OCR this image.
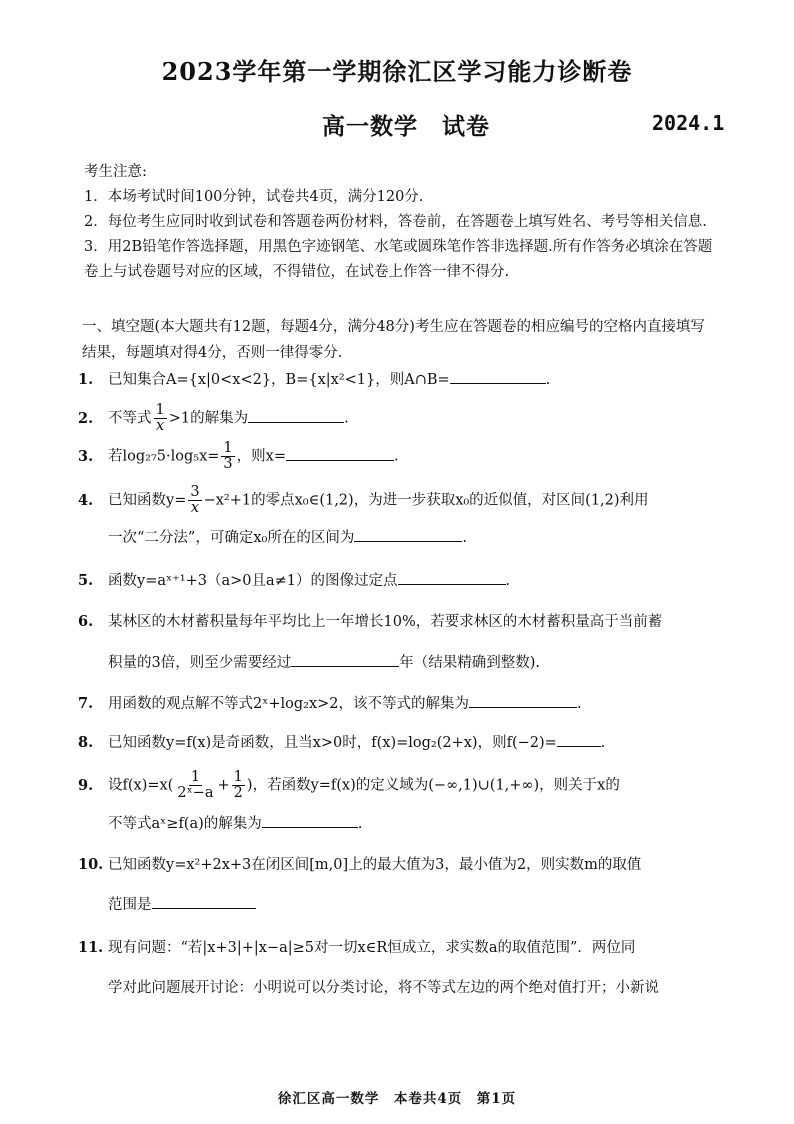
2023学年第一学期徐汇区学习能力诊断卷
高一数学　试卷	2024.1
考生注意:
1．本场考试时间100分钟，试卷共4页，满分120分.
2．每位考生应同时收到试卷和答题卷两份材料，答卷前，在答题卷上填写姓名、考号等相关信息.
3．用2B铅笔作答选择题，用黑色字迹钢笔、水笔或圆珠笔作答非选择题.所有作答务必填涂在答题卷上与试卷题号对应的区域，不得错位，在试卷上作答一律不得分.
一、填空题(本大题共有12题，每题4分，满分48分)考生应在答题卷的相应编号的空格内直接填写结果，每题填对得4分，否则一律得零分.
1. 已知集合A={x|0<x<2}，B={x|x²<1}，则A∩B=	.
2. 不等式 $\frac{1}{x} >1$的解集为	.
3. 若$\log_{27}5\cdot\log_5x= \frac{1}{3}$ ，则x=	.
4. 已知函数$y= \frac{3}{x} -x^2+1$的零点x₀∈(1,2)，为进一步获取x₀的近似值，对区间(1,2)利用
一次“二分法”，可确定x₀所在的区间为	.
5. 函数y=aˣ⁺¹+3（a>0且a≠1）的图像过定点	.
6. 某林区的木材蓄积量每年平均比上一年增长10%，若要求林区的木材蓄积量高于当前蓄
积量的3倍，则至少需要经过	年（结果精确到整数).
7. 用函数的观点解不等式2ˣ+log₂x>2，该不等式的解集为	.
8. 已知函数y=f(x)是奇函数，且当x>0时，f(x)=log₂(2+x)，则f(−2)=	.
9. 设$f(x)=x( \frac{1}{\text{2ˣ−a}} + \frac{1}{2}$ )，若函数y=f(x)的定义域为(−∞,1)∪(1,+∞)，则关于x的
不等式aˣ≥f(a)的解集为	.
10. 已知函数y=x²+2x+3在闭区间[m,0]上的最大值为3，最小值为2，则实数m的取值
范围是
11. 现有问题：“若|x+3|+|x−a|≥5对一切x∈R恒成立，求实数a的取值范围”．两位同
学对此问题展开讨论：小明说可以分类讨论，将不等式左边的两个绝对值打开；小新说
徐汇区高一数学　本卷共4页　第1页
